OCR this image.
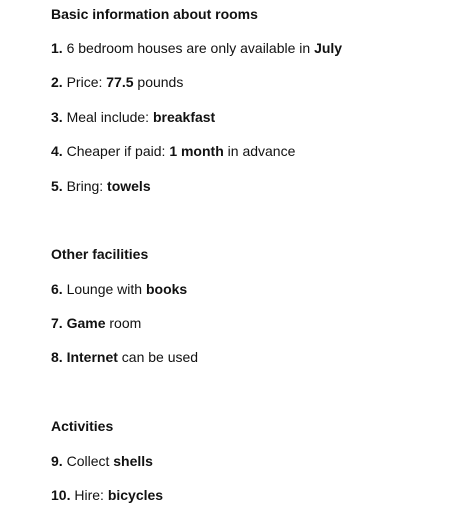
Basic information about rooms
1. 6 bedroom houses are only available in July
2. Price: 77.5 pounds
3. Meal include: breakfast
4. Cheaper if paid: 1 month in advance
5. Bring: towels
Other facilities
6. Lounge with books
7. Game room
8. Internet can be used
Activities
9. Collect shells
10. Hire: bicycles
